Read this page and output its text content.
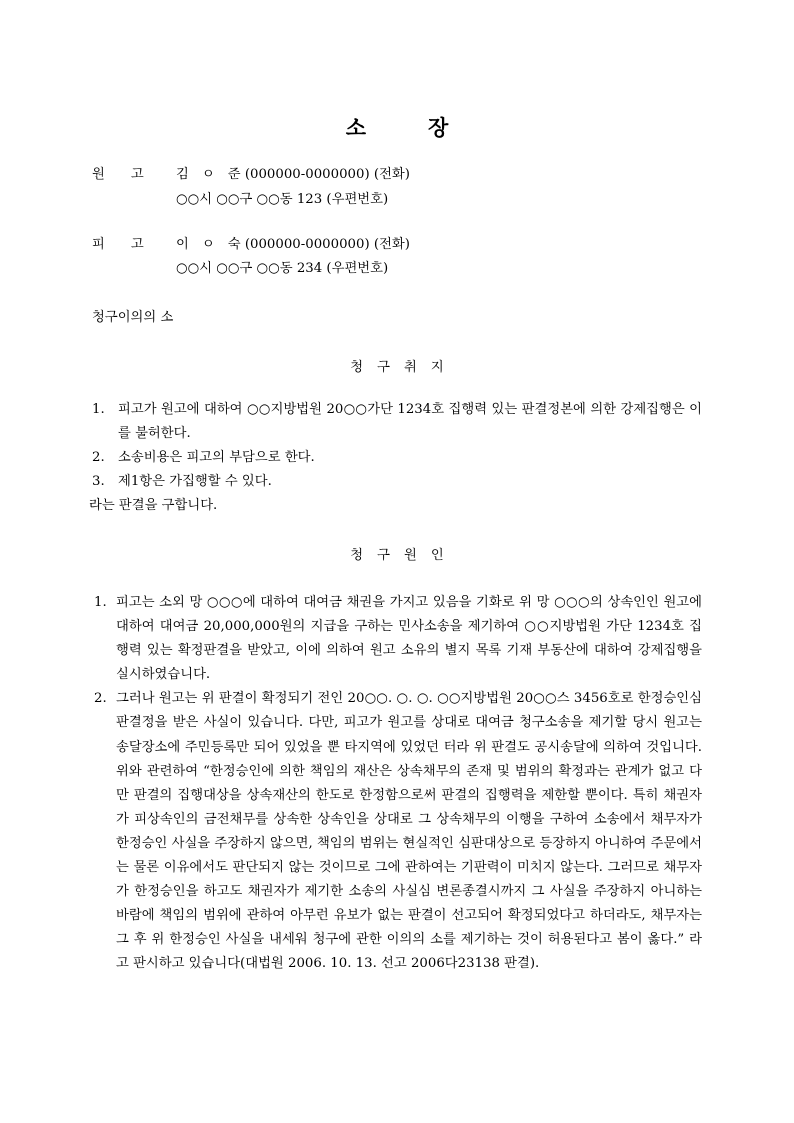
소	장
원 고 김 ㅇ 준 (000000-0000000) (전화)
○○시 ○○구 ○○동 123 (우편번호)
피 고 이 ㅇ 숙 (000000-0000000) (전화)
○○시 ○○구 ○○동 234 (우편번호)
청구이의의 소
청 구 취 지
1. 피고가 원고에 대하여 ○○지방법원 20○○가단 1234호 집행력 있는 판결정본에 의한 강제집행은 이를 불허한다.
2. 소송비용은 피고의 부담으로 한다.
3. 제1항은 가집행할 수 있다.
라는 판결을 구합니다.
청 구 원 인
1. 피고는 소외 망 ○○○에 대하여 대여금 채권을 가지고 있음을 기화로 위 망 ○○○의 상속인인 원고에 대하여 대여금 20,000,000원의 지급을 구하는 민사소송을 제기하여 ○○지방법원 가단 1234호 집행력 있는 확정판결을 받았고, 이에 의하여 원고 소유의 별지 목록 기재 부동산에 대하여 강제집행을 실시하였습니다.
2. 그러나 원고는 위 판결이 확정되기 전인 20○○. ○. ○. ○○지방법원 20○○스 3456호로 한정승인심판결정을 받은 사실이 있습니다. 다만, 피고가 원고를 상대로 대여금 청구소송을 제기할 당시 원고는 송달장소에 주민등록만 되어 있었을 뿐 타지역에 있었던 터라 위 판결도 공시송달에 의하여 것입니다. 위와 관련하여 “한정승인에 의한 책임의 재산은 상속채무의 존재 및 범위의 확정과는 관계가 없고 다만 판결의 집행대상을 상속재산의 한도로 한정함으로써 판결의 집행력을 제한할 뿐이다. 특히 채권자가 피상속인의 금전채무를 상속한 상속인을 상대로 그 상속채무의 이행을 구하여 소송에서 채무자가 한정승인 사실을 주장하지 않으면, 책임의 범위는 현실적인 심판대상으로 등장하지 아니하여 주문에서는 물론 이유에서도 판단되지 않는 것이므로 그에 관하여는 기판력이 미치지 않는다. 그러므로 채무자가 한정승인을 하고도 채권자가 제기한 소송의 사실심 변론종결시까지 그 사실을 주장하지 아니하는 바람에 책임의 범위에 관하여 아무런 유보가 없는 판결이 선고되어 확정되었다고 하더라도, 채무자는 그 후 위 한정승인 사실을 내세워 청구에 관한 이의의 소를 제기하는 것이 허용된다고 봄이 옳다.” 라고 판시하고 있습니다(대법원 2006. 10. 13. 선고 2006다23138 판결).
